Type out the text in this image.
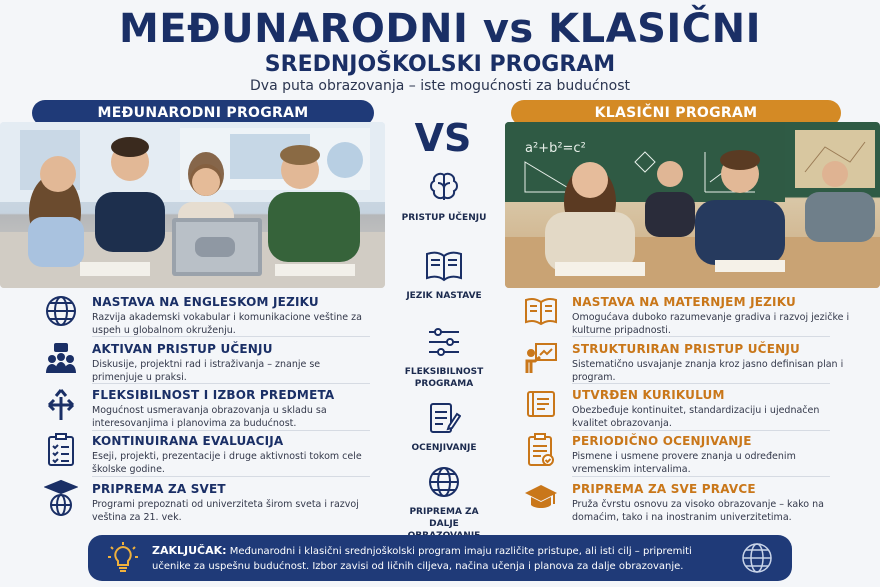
MEĐUNARODNI vs KLASIČNI
SREDNJOŠKOLSKI PROGRAM
Dva puta obrazovanja – iste mogućnosti za budućnost
MEĐUNARODNI PROGRAM	KLASIČNI PROGRAM
a²+b²=c²
VS
PRISTUP UČENJU
JEZIK NASTAVE
FLEKSIBILNOST PROGRAMA
OCENJIVANJE
PRIPREMA ZA DALJE
NASTAVA NA ENGLESKOM JEZIKU
Razvija akademski vokabular i komunikacione veštine za uspeh u globalnom okruženju.
AKTIVAN PRISTUP UČENJU
Diskusije, projektni rad i istraživanja – znanje se primenjuje u praksi.
FLEKSIBILNOST I IZBOR PREDMETA
Mogućnost usmeravanja obrazovanja u skladu sa interesovanjima i planovima za budućnost.
KONTINUIRANA EVALUACIJA
Eseji, projekti, prezentacije i druge aktivnosti tokom cele školske godine.
PRIPREMA ZA SVET
Programi prepoznati od univerziteta širom sveta i razvoj veština za 21. vek.
NASTAVA NA MATERNJEM JEZIKU
Omogućava duboko razumevanje gradiva i razvoj jezičke i kulturne pripadnosti.
STRUKTURIRAN PRISTUP UČENJU
Sistematično usvajanje znanja kroz jasno definisan plan i program.
UTVRĐEN KURIKULUM
Obezbeđuje kontinuitet, standardizaciju i ujednačen kvalitet obrazovanja.
PERIODIČNO OCENJIVANJE
Pismene i usmene provere znanja u određenim vremenskim intervalima.
PRIPREMA ZA SVE PRAVCE
Pruža čvrstu osnovu za visoko obrazovanje – kako na domaćim, tako i na inostranim univerzitetima.
ZAKLJUČAK: Međunarodni i klasični srednjoškolski program imaju različite pristupe, ali isti cilj – pripremiti učenike za uspešnu budućnost. Izbor zavisi od ličnih ciljeva, načina učenja i planova za dalje obrazovanje.
